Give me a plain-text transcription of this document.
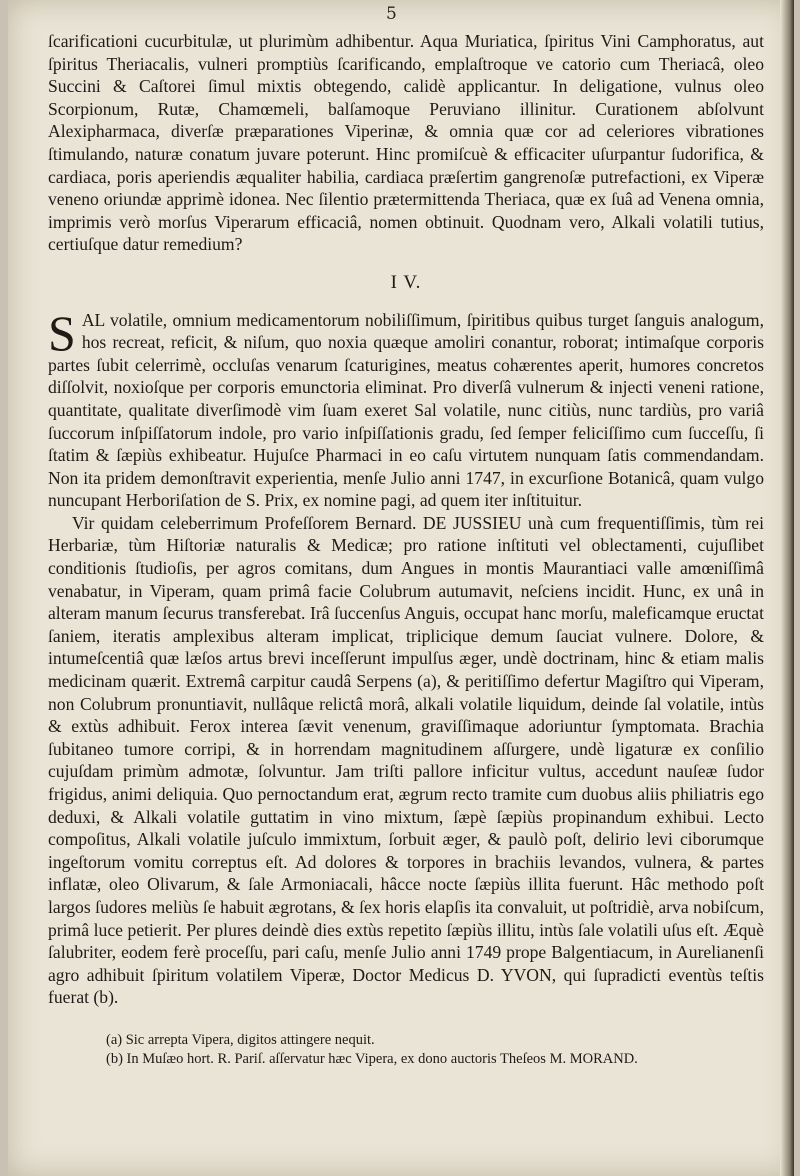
5

ſcarificationi cucurbitulæ, ut plurimùm adhibentur. Aqua Muriatica, ſpiritus Vini Camphoratus, aut ſpiritus Theriacalis, vulneri promptiùs ſcarificando, emplaſtroque ve catorio cum Theriacâ, oleo Succini & Caſtorei ſimul mixtis obtegendo, calidè applicantur. In deligatione, vulnus oleo Scorpionum, Rutæ, Chamœmeli, balſamoque Peruviano illinitur. Curationem abſolvunt Alexipharmaca, diverſæ præparationes Viperinæ, & omnia quæ cor ad celeriores vibrationes ſtimulando, naturæ conatum juvare poterunt. Hinc promiſcuè & efficaciter uſurpantur ſudorifica, & cardiaca, poris aperiendis æqualiter habilia, cardiaca præſertim gangrenoſæ putrefactioni, ex Viperæ veneno oriundæ apprimè idonea. Nec ſilentio prætermittenda Theriaca, quæ ex ſuâ ad Venena omnia, imprimis verò morſus Viperarum efficaciâ, nomen obtinuit. Quodnam vero, Alkali volatili tutius, certiuſque datur remedium?

I V.

SAL volatile, omnium medicamentorum nobiliſſimum, ſpiritibus quibus turget ſanguis analogum, hos recreat, reficit, & niſum, quo noxia quæque amoliri conantur, roborat; intimaſque corporis partes ſubit celerrimè, occluſas venarum ſcaturigines, meatus cohærentes aperit, humores concretos diſſolvit, noxioſque per corporis emunctoria eliminat. Pro diverſâ vulnerum & injecti veneni ratione, quantitate, qualitate diverſimodè vim ſuam exeret Sal volatile, nunc citiùs, nunc tardiùs, pro variâ ſuccorum inſpiſſatorum indole, pro vario inſpiſſationis gradu, ſed ſemper feliciſſimo cum ſucceſſu, ſi ſtatim & ſæpiùs exhibeatur. Hujuſce Pharmaci in eo caſu virtutem nunquam ſatis commendandam. Non ita pridem demonſtravit experientia, menſe Julio anni 1747, in excurſione Botanicâ, quam vulgo nuncupant Herboriſation de S. Prix, ex nomine pagi, ad quem iter inſtituitur.

Vir quidam celeberrimum Profeſſorem Bernard. DE JUSSIEU unà cum frequentiſſimis, tùm rei Herbariæ, tùm Hiſtoriæ naturalis & Medicæ; pro ratione inſtituti vel oblectamenti, cujuſlibet conditionis ſtudioſis, per agros comitans, dum Angues in montis Maurantiaci valle amœniſſimâ venabatur, in Viperam, quam primâ facie Colubrum autumavit, neſciens incidit. Hunc, ex unâ in alteram manum ſecurus transferebat. Irâ ſuccenſus Anguis, occupat hanc morſu, maleficamque eructat ſaniem, iteratis amplexibus alteram implicat, triplicique demum ſauciat vulnere. Dolore, & intumeſcentiâ quæ læſos artus brevi inceſſerunt impulſus æger, undè doctrinam, hinc & etiam malis medicinam quærit. Extremâ carpitur caudâ Serpens (a), & peritiſſimo defertur Magiſtro qui Viperam, non Colubrum pronuntiavit, nullâque relictâ morâ, alkali volatile liquidum, deinde ſal volatile, intùs & extùs adhibuit. Ferox interea ſævit venenum, graviſſimaque adoriuntur ſymptomata. Brachia ſubitaneo tumore corripi, & in horrendam magnitudinem aſſurgere, undè ligaturæ ex conſilio cujuſdam primùm admotæ, ſolvuntur. Jam triſti pallore inficitur vultus, accedunt nauſeæ ſudor frigidus, animi deliquia. Quo pernoctandum erat, ægrum recto tramite cum duobus aliis philiatris ego deduxi, & Alkali volatile guttatim in vino mixtum, ſæpè ſæpiùs propinandum exhibui. Lecto compoſitus, Alkali volatile juſculo immixtum, ſorbuit æger, & paulò poſt, delirio levi ciborumque ingeſtorum vomitu correptus eſt. Ad dolores & torpores in brachiis levandos, vulnera, & partes inflatæ, oleo Olivarum, & ſale Armoniacali, hâcce nocte ſæpiùs illita fuerunt. Hâc methodo poſt largos ſudores meliùs ſe habuit ægrotans, & ſex horis elapſis ita convaluit, ut poſtridiè, arva nobiſcum, primâ luce petierit. Per plures deindè dies extùs repetito ſæpiùs illitu, intùs ſale volatili uſus eſt. Æquè ſalubriter, eodem ferè proceſſu, pari caſu, menſe Julio anni 1749 prope Balgentiacum, in Aurelianenſi agro adhibuit ſpiritum volatilem Viperæ, Doctor Medicus D. YVON, qui ſupradicti eventùs teſtis fuerat (b).

(a) Sic arrepta Vipera, digitos attingere nequit.
(b) In Muſæo hort. R. Pariſ. aſſervatur hæc Vipera, ex dono auctoris Theſeos M. MORAND.
